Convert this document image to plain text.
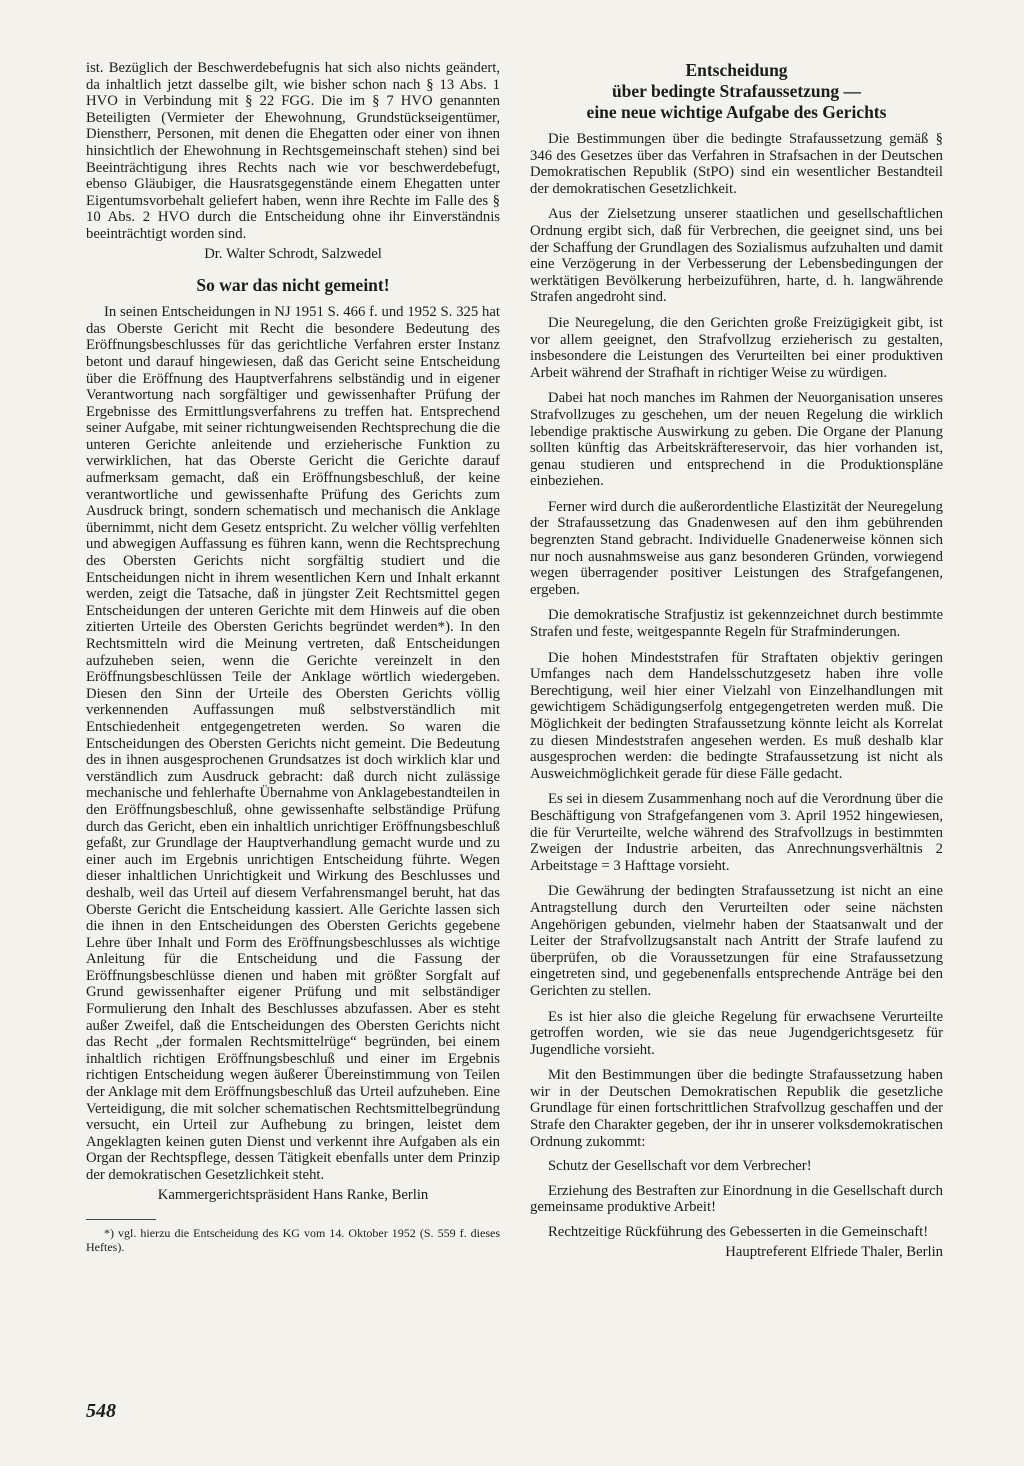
ist. Bezüglich der Beschwerdebefugnis hat sich also nichts geändert, da inhaltlich jetzt dasselbe gilt, wie bisher schon nach § 13 Abs. 1 HVO in Verbindung mit § 22 FGG. Die im § 7 HVO genannten Beteiligten (Vermieter der Ehewohnung, Grundstückseigentümer, Dienstherr, Personen, mit denen die Ehegatten oder einer von ihnen hinsichtlich der Ehewohnung in Rechtsgemeinschaft stehen) sind bei Beeinträchtigung ihres Rechts nach wie vor beschwerdebefugt, ebenso Gläubiger, die Hausratsgegenstände einem Ehegatten unter Eigentumsvorbehalt geliefert haben, wenn ihre Rechte im Falle des § 10 Abs. 2 HVO durch die Entscheidung ohne ihr Einverständnis beeinträchtigt worden sind.

Dr. Walter Schrodt, Salzwedel

So war das nicht gemeint!

In seinen Entscheidungen in NJ 1951 S. 466 f. und 1952 S. 325 hat das Oberste Gericht mit Recht die besondere Bedeutung des Eröffnungsbeschlusses für das gerichtliche Verfahren erster Instanz betont und darauf hingewiesen, daß das Gericht seine Entscheidung über die Eröffnung des Hauptverfahrens selbständig und in eigener Verantwortung nach sorgfältiger und gewissenhafter Prüfung der Ergebnisse des Ermittlungsverfahrens zu treffen hat. Entsprechend seiner Aufgabe, mit seiner richtungweisenden Rechtsprechung die die unteren Gerichte anleitende und erzieherische Funktion zu verwirklichen, hat das Oberste Gericht die Gerichte darauf aufmerksam gemacht, daß ein Eröffnungsbeschluß, der keine verantwortliche und gewissenhafte Prüfung des Gerichts zum Ausdruck bringt, sondern schematisch und mechanisch die Anklage übernimmt, nicht dem Gesetz entspricht. Zu welcher völlig verfehlten und abwegigen Auffassung es führen kann, wenn die Rechtsprechung des Obersten Gerichts nicht sorgfältig studiert und die Entscheidungen nicht in ihrem wesentlichen Kern und Inhalt erkannt werden, zeigt die Tatsache, daß in jüngster Zeit Rechtsmittel gegen Entscheidungen der unteren Gerichte mit dem Hinweis auf die oben zitierten Urteile des Obersten Gerichts begründet werden*). In den Rechtsmitteln wird die Meinung vertreten, daß Entscheidungen aufzuheben seien, wenn die Gerichte vereinzelt in den Eröffnungsbeschlüssen Teile der Anklage wörtlich wiedergeben. Diesen den Sinn der Urteile des Obersten Gerichts völlig verkennenden Auffassungen muß selbstverständlich mit Entschiedenheit entgegengetreten werden. So waren die Entscheidungen des Obersten Gerichts nicht gemeint. Die Bedeutung des in ihnen ausgesprochenen Grundsatzes ist doch wirklich klar und verständlich zum Ausdruck gebracht: daß durch nicht zulässige mechanische und fehlerhafte Übernahme von Anklagebestandteilen in den Eröffnungsbeschluß, ohne gewissenhafte selbständige Prüfung durch das Gericht, eben ein inhaltlich unrichtiger Eröffnungsbeschluß gefaßt, zur Grundlage der Hauptverhandlung gemacht wurde und zu einer auch im Ergebnis unrichtigen Entscheidung führte. Wegen dieser inhaltlichen Unrichtigkeit und Wirkung des Beschlusses und deshalb, weil das Urteil auf diesem Verfahrensmangel beruht, hat das Oberste Gericht die Entscheidung kassiert. Alle Gerichte lassen sich die ihnen in den Entscheidungen des Obersten Gerichts gegebene Lehre über Inhalt und Form des Eröffnungsbeschlusses als wichtige Anleitung für die Entscheidung und die Fassung der Eröffnungsbeschlüsse dienen und haben mit größter Sorgfalt auf Grund gewissenhafter eigener Prüfung und mit selbständiger Formulierung den Inhalt des Beschlusses abzufassen. Aber es steht außer Zweifel, daß die Entscheidungen des Obersten Gerichts nicht das Recht „der formalen Rechtsmittelrüge“ begründen, bei einem inhaltlich richtigen Eröffnungsbeschluß und einer im Ergebnis richtigen Entscheidung wegen äußerer Übereinstimmung von Teilen der Anklage mit dem Eröffnungsbeschluß das Urteil aufzuheben. Eine Verteidigung, die mit solcher schematischen Rechtsmittelbegründung versucht, ein Urteil zur Aufhebung zu bringen, leistet dem Angeklagten keinen guten Dienst und verkennt ihre Aufgaben als ein Organ der Rechtspflege, dessen Tätigkeit ebenfalls unter dem Prinzip der demokratischen Gesetzlichkeit steht.

Kammergerichtspräsident Hans Ranke, Berlin

*) vgl. hierzu die Entscheidung des KG vom 14. Oktober 1952 (S. 559 f. dieses Heftes).

Entscheidung
über bedingte Strafaussetzung —
eine neue wichtige Aufgabe des Gerichts

Die Bestimmungen über die bedingte Strafaussetzung gemäß § 346 des Gesetzes über das Verfahren in Strafsachen in der Deutschen Demokratischen Republik (StPO) sind ein wesentlicher Bestandteil der demokratischen Gesetzlichkeit.

Aus der Zielsetzung unserer staatlichen und gesellschaftlichen Ordnung ergibt sich, daß für Verbrechen, die geeignet sind, uns bei der Schaffung der Grundlagen des Sozialismus aufzuhalten und damit eine Verzögerung in der Verbesserung der Lebensbedingungen der werktätigen Bevölkerung herbeizuführen, harte, d. h. langwährende Strafen angedroht sind.

Die Neuregelung, die den Gerichten große Freizügigkeit gibt, ist vor allem geeignet, den Strafvollzug erzieherisch zu gestalten, insbesondere die Leistungen des Verurteilten bei einer produktiven Arbeit während der Strafhaft in richtiger Weise zu würdigen.

Dabei hat noch manches im Rahmen der Neuorganisation unseres Strafvollzuges zu geschehen, um der neuen Regelung die wirklich lebendige praktische Auswirkung zu geben. Die Organe der Planung sollten künftig das Arbeitskräftereservoir, das hier vorhanden ist, genau studieren und entsprechend in die Produktionspläne einbeziehen.

Ferner wird durch die außerordentliche Elastizität der Neuregelung der Strafaussetzung das Gnadenwesen auf den ihm gebührenden begrenzten Stand gebracht. Individuelle Gnadenerweise können sich nur noch ausnahmsweise aus ganz besonderen Gründen, vorwiegend wegen überragender positiver Leistungen des Strafgefangenen, ergeben.

Die demokratische Strafjustiz ist gekennzeichnet durch bestimmte Strafen und feste, weitgespannte Regeln für Strafminderungen.

Die hohen Mindeststrafen für Straftaten objektiv geringen Umfanges nach dem Handelsschutzgesetz haben ihre volle Berechtigung, weil hier einer Vielzahl von Einzelhandlungen mit gewichtigem Schädigungserfolg entgegengetreten werden muß. Die Möglichkeit der bedingten Strafaussetzung könnte leicht als Korrelat zu diesen Mindeststrafen angesehen werden. Es muß deshalb klar ausgesprochen werden: die bedingte Strafaussetzung ist nicht als Ausweichmöglichkeit gerade für diese Fälle gedacht.

Es sei in diesem Zusammenhang noch auf die Verordnung über die Beschäftigung von Strafgefangenen vom 3. April 1952 hingewiesen, die für Verurteilte, welche während des Strafvollzugs in bestimmten Zweigen der Industrie arbeiten, das Anrechnungsverhältnis 2 Arbeitstage = 3 Hafttage vorsieht.

Die Gewährung der bedingten Strafaussetzung ist nicht an eine Antragstellung durch den Verurteilten oder seine nächsten Angehörigen gebunden, vielmehr haben der Staatsanwalt und der Leiter der Strafvollzugsanstalt nach Antritt der Strafe laufend zu überprüfen, ob die Voraussetzungen für eine Strafaussetzung eingetreten sind, und gegebenenfalls entsprechende Anträge bei den Gerichten zu stellen.

Es ist hier also die gleiche Regelung für erwachsene Verurteilte getroffen worden, wie sie das neue Jugendgerichtsgesetz für Jugendliche vorsieht.

Mit den Bestimmungen über die bedingte Strafaussetzung haben wir in der Deutschen Demokratischen Republik die gesetzliche Grundlage für einen fortschrittlichen Strafvollzug geschaffen und der Strafe den Charakter gegeben, der ihr in unserer volksdemokratischen Ordnung zukommt:

Schutz der Gesellschaft vor dem Verbrecher!

Erziehung des Bestraften zur Einordnung in die Gesellschaft durch gemeinsame produktive Arbeit!

Rechtzeitige Rückführung des Gebesserten in die Gemeinschaft!

Hauptreferent Elfriede Thaler, Berlin

548
